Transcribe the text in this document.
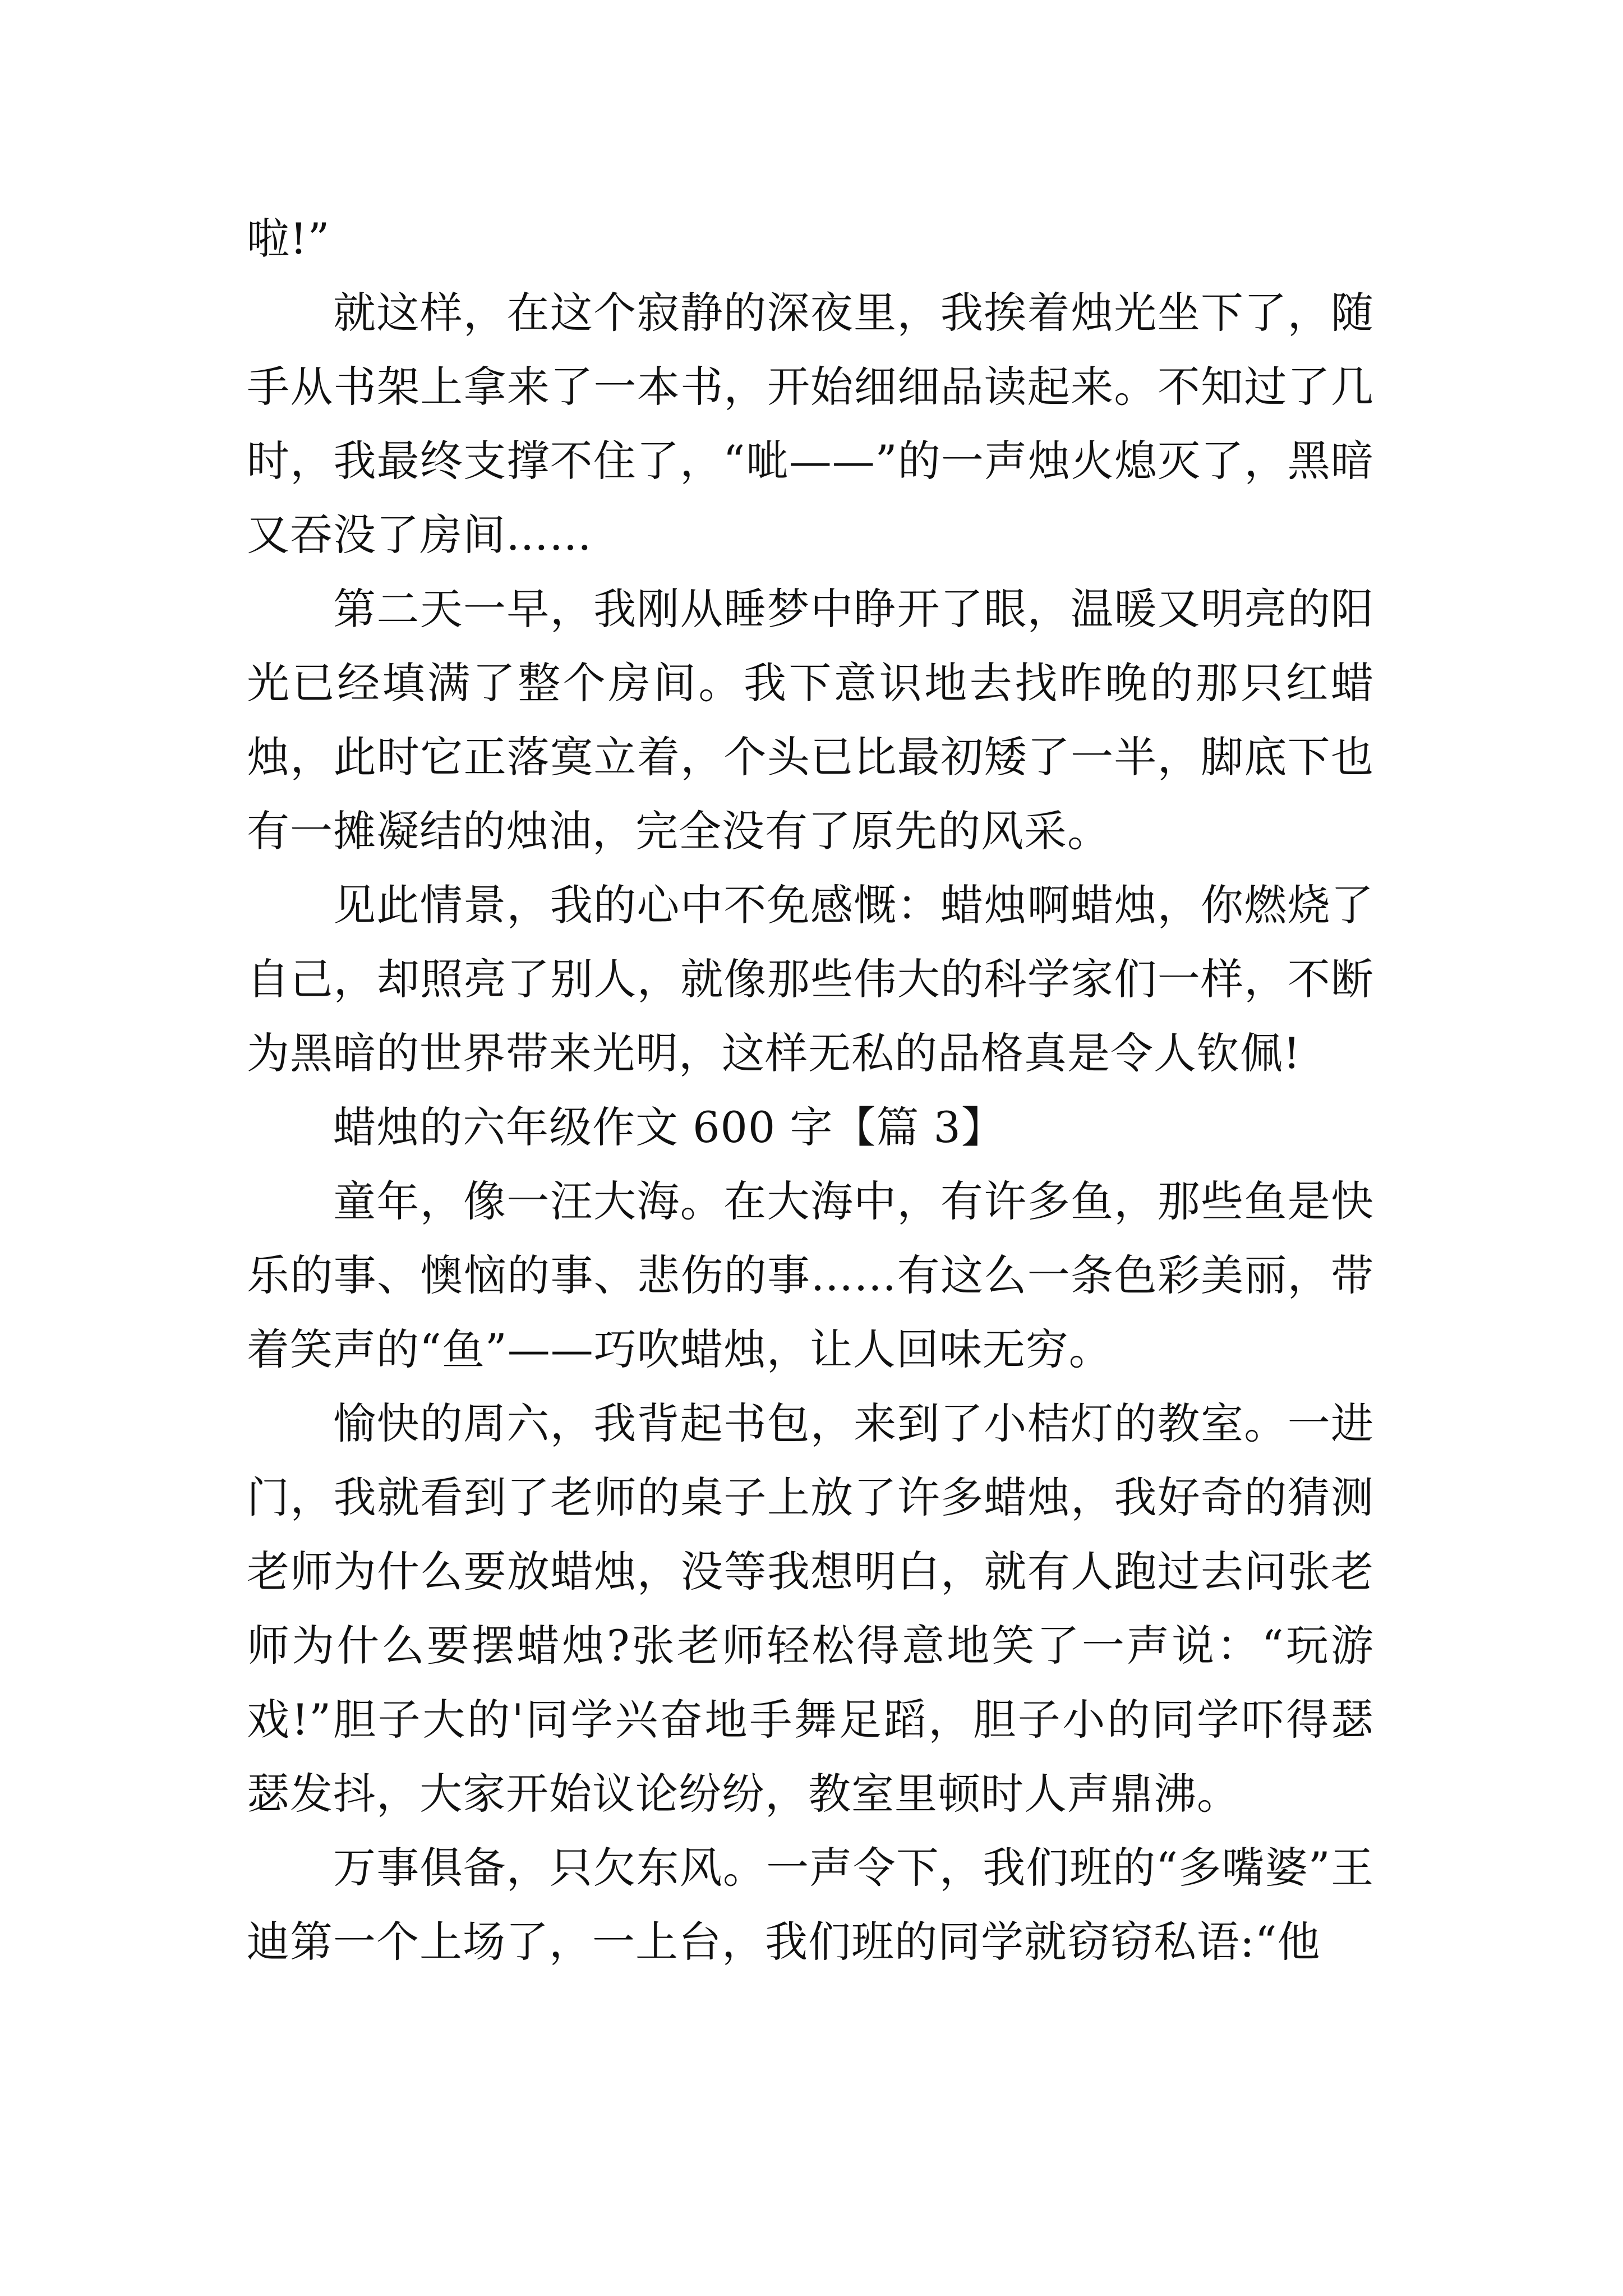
啦!”

就这样，在这个寂静的深夜里，我挨着烛光坐下了，随手从书架上拿来了一本书，开始细细品读起来。不知过了几时，我最终支撑不住了，“呲——”的一声烛火熄灭了，黑暗又吞没了房间……

第二天一早，我刚从睡梦中睁开了眼，温暖又明亮的阳光已经填满了整个房间。我下意识地去找昨晚的那只红蜡烛，此时它正落寞立着，个头已比最初矮了一半，脚底下也有一摊凝结的烛油，完全没有了原先的风采。

见此情景，我的心中不免感慨：蜡烛啊蜡烛，你燃烧了自己，却照亮了别人，就像那些伟大的科学家们一样，不断为黑暗的世界带来光明，这样无私的品格真是令人钦佩!

蜡烛的六年级作文 600 字【篇 3】

童年，像一汪大海。在大海中，有许多鱼，那些鱼是快乐的事、懊恼的事、悲伤的事……有这么一条色彩美丽，带着笑声的“鱼”——巧吹蜡烛，让人回味无穷。

愉快的周六，我背起书包，来到了小桔灯的教室。一进门，我就看到了老师的桌子上放了许多蜡烛，我好奇的猜测老师为什么要放蜡烛，没等我想明白，就有人跑过去问张老师为什么要摆蜡烛?张老师轻松得意地笑了一声说：“玩游戏!”胆子大的'同学兴奋地手舞足蹈，胆子小的同学吓得瑟瑟发抖，大家开始议论纷纷，教室里顿时人声鼎沸。

万事俱备，只欠东风。一声令下，我们班的“多嘴婆”王迪第一个上场了，一上台，我们班的同学就窃窃私语:“他
